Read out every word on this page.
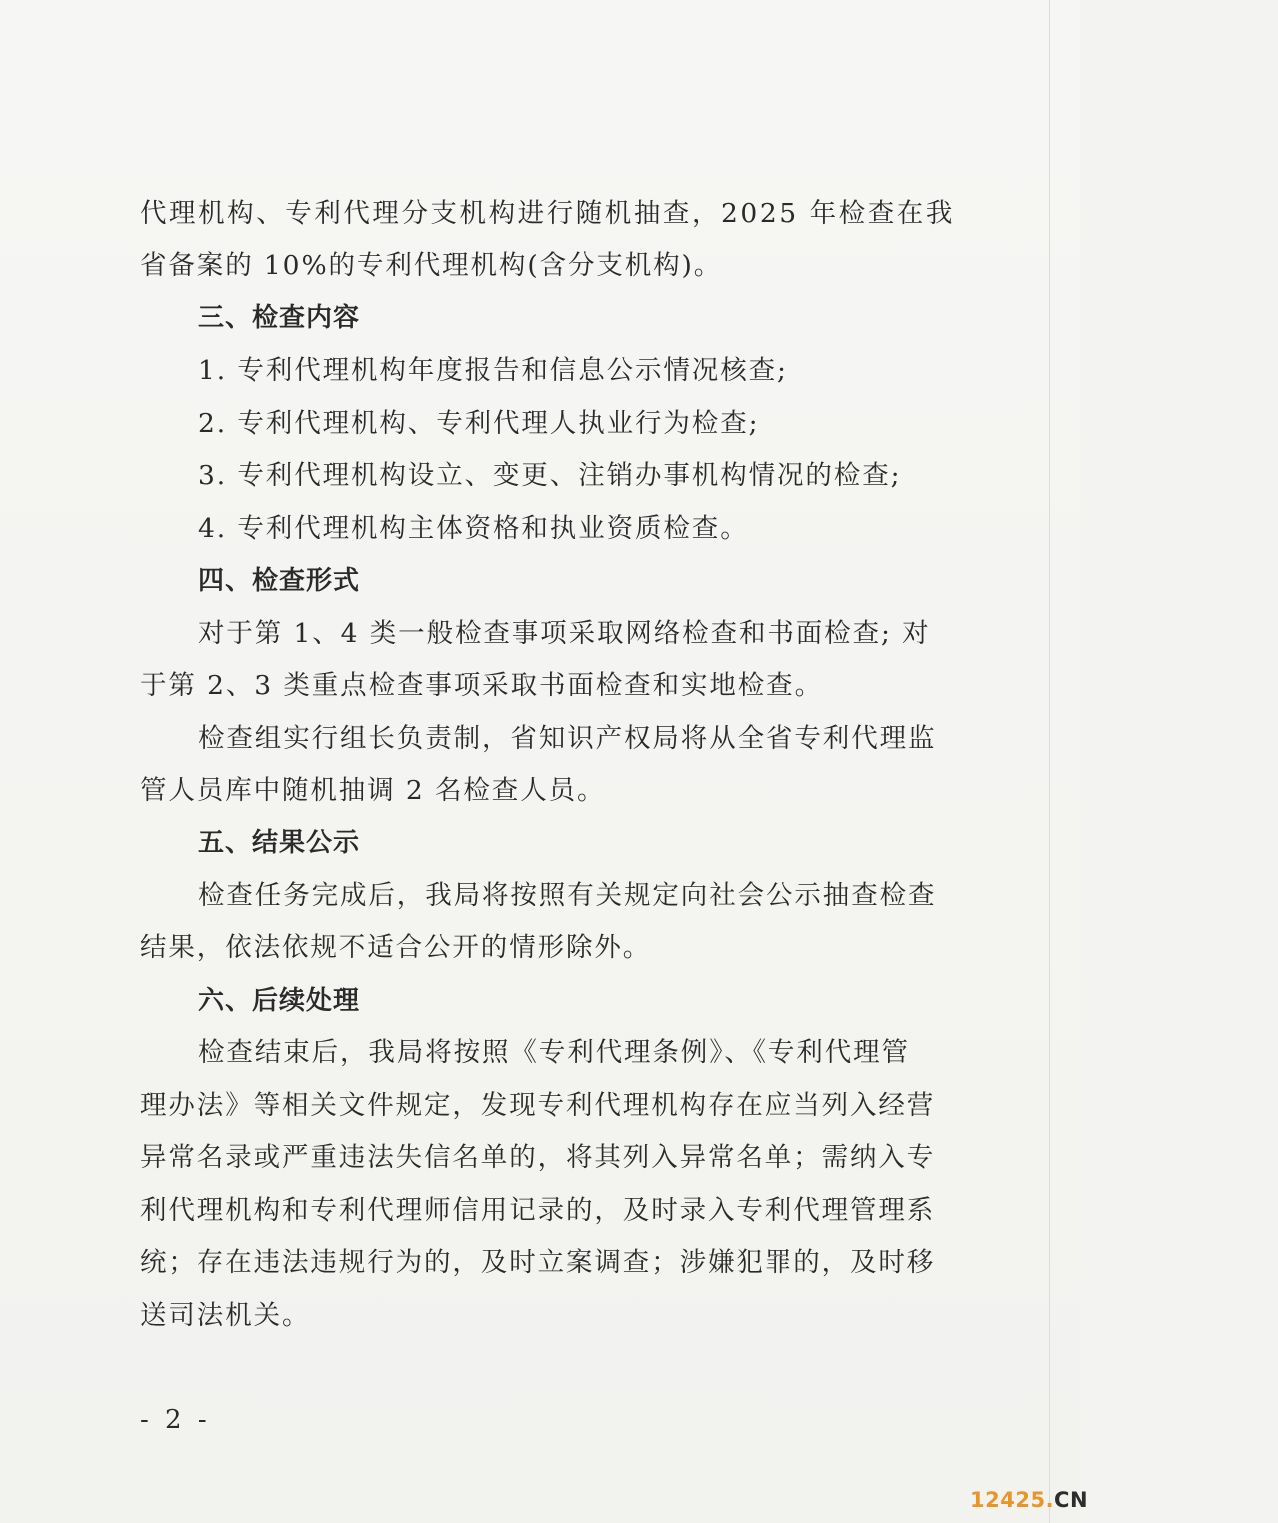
代理机构、专利代理分支机构进行随机抽查，2025 年检查在我
省备案的 10%的专利代理机构(含分支机构)。
三、检查内容
1. 专利代理机构年度报告和信息公示情况核查;
2. 专利代理机构、专利代理人执业行为检查;
3. 专利代理机构设立、变更、注销办事机构情况的检查;
4. 专利代理机构主体资格和执业资质检查。
四、检查形式
对于第 1、4 类一般检查事项采取网络检查和书面检查; 对
于第 2、3 类重点检查事项采取书面检查和实地检查。
检查组实行组长负责制，省知识产权局将从全省专利代理监
管人员库中随机抽调 2 名检查人员。
五、结果公示
检查任务完成后，我局将按照有关规定向社会公示抽查检查
结果，依法依规不适合公开的情形除外。
六、后续处理
检查结束后，我局将按照《专利代理条例》、《专利代理管
理办法》等相关文件规定，发现专利代理机构存在应当列入经营
异常名录或严重违法失信名单的，将其列入异常名单；需纳入专
利代理机构和专利代理师信用记录的，及时录入专利代理管理系
统；存在违法违规行为的，及时立案调查；涉嫌犯罪的，及时移
送司法机关。
- 2 -
12425.CN
